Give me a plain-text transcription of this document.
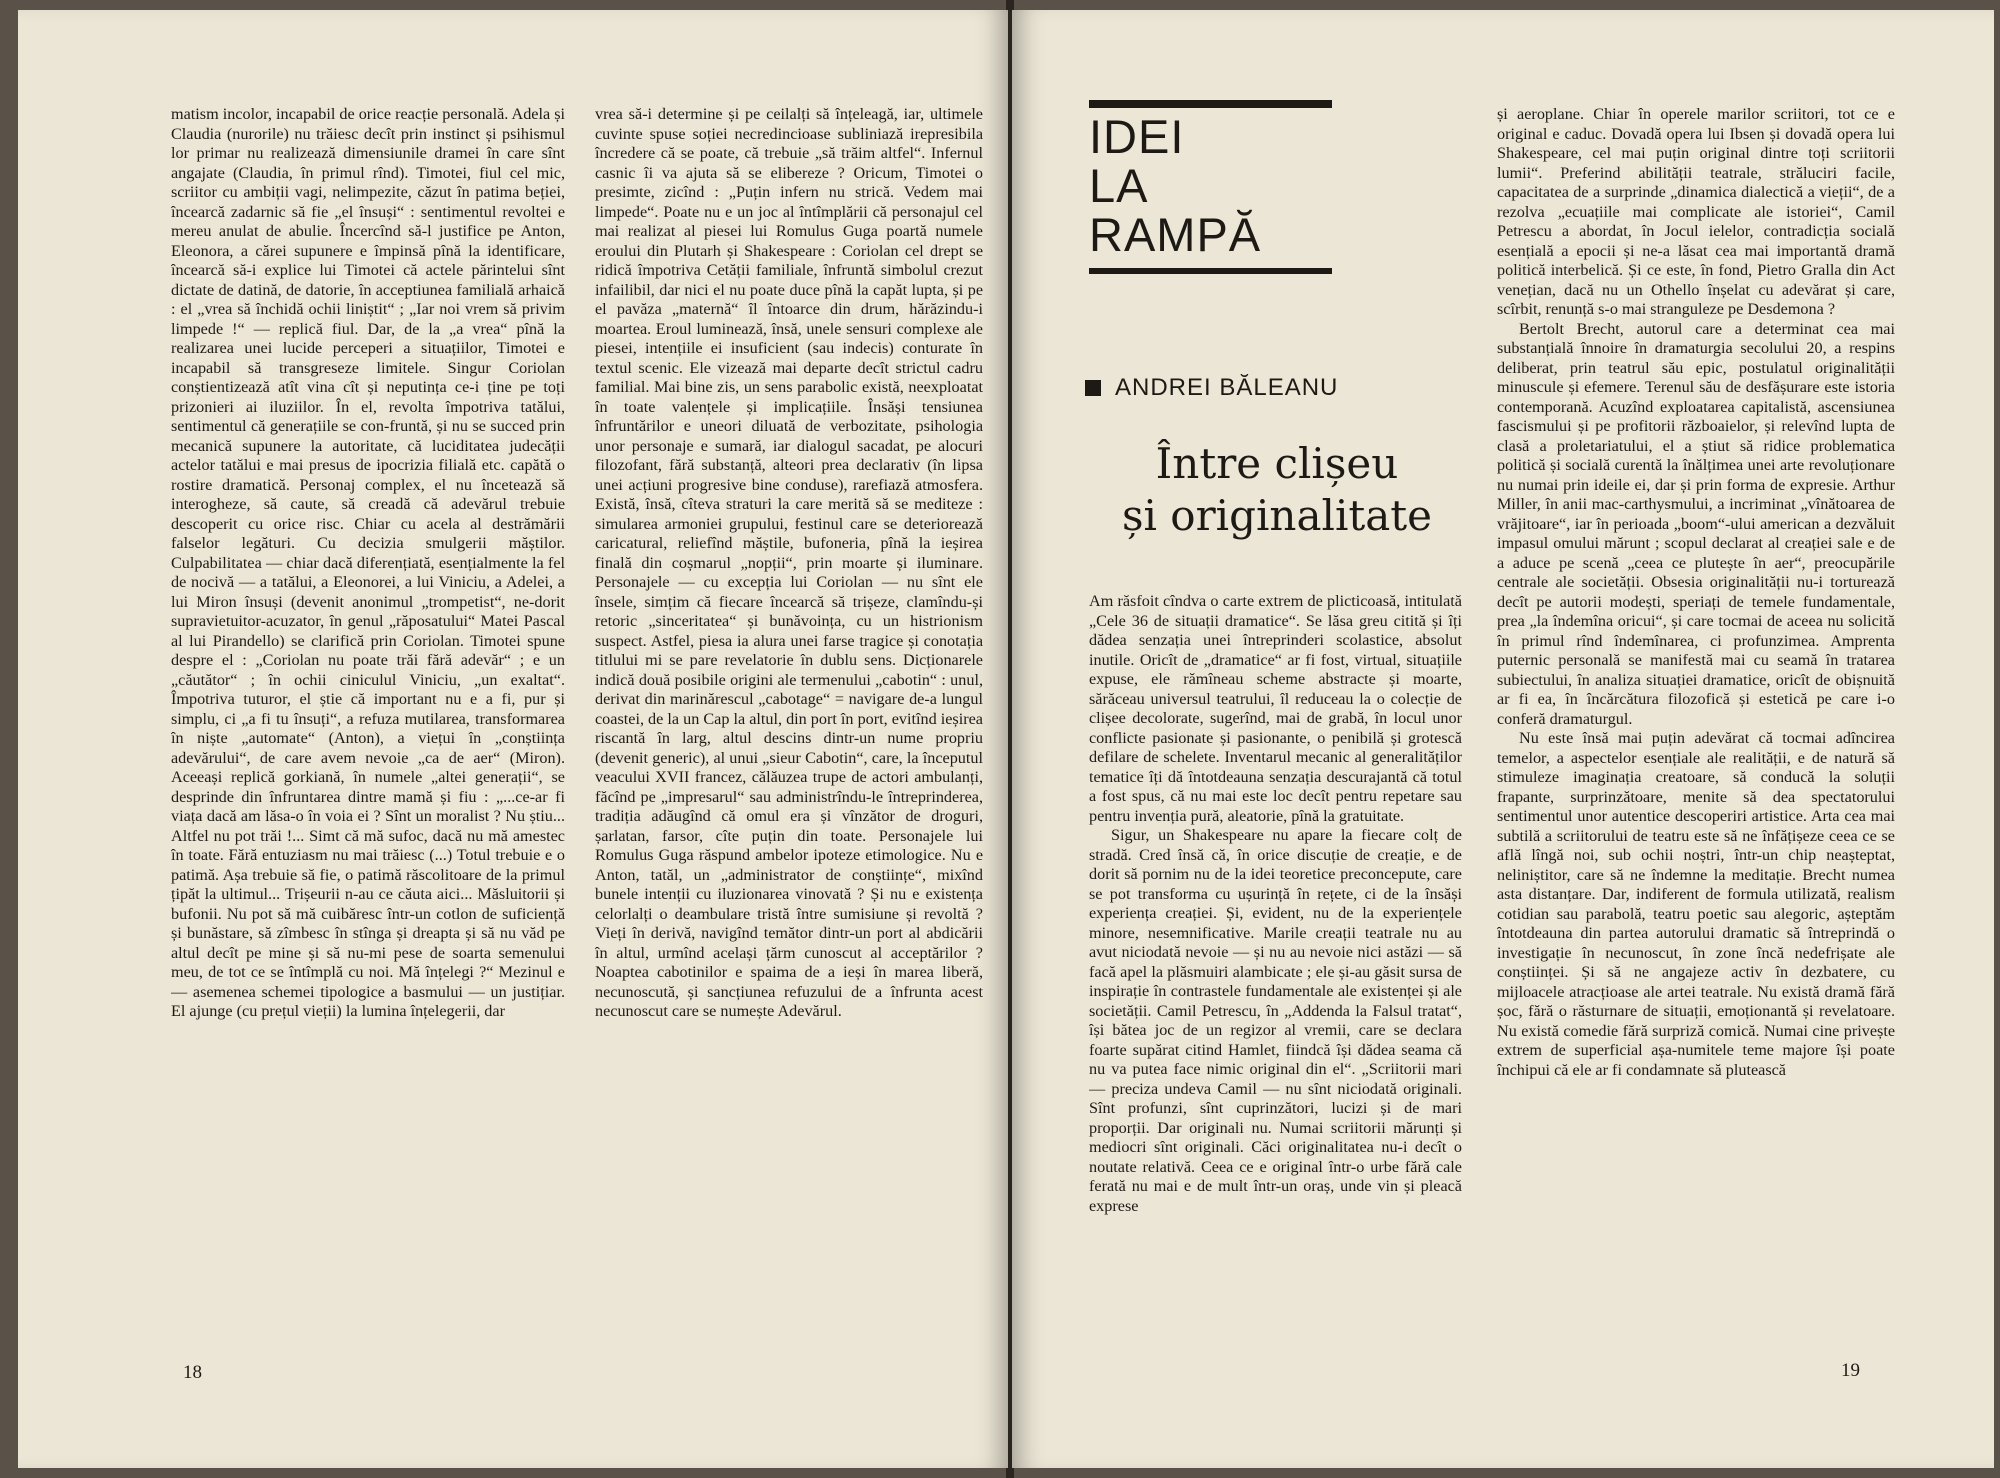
matism incolor, incapabil de orice reacție personală. Adela și Claudia (nurorile) nu trăiesc decît prin instinct și psihismul lor primar nu realizează dimensiunile dramei în care sînt angajate (Claudia, în primul rînd). Timotei, fiul cel mic, scriitor cu ambiții vagi, nelimpezite, căzut în patima beției, încearcă zadarnic să fie „el însuși“ : sentimentul revoltei e mereu anulat de abulie. Încercînd să-l justifice pe Anton, Eleonora, a cărei supunere e împinsă pînă la identificare, încearcă să-i explice lui Timotei că actele părintelui sînt dictate de datină, de datorie, în acceptiunea familială arhaică : el „vrea să închidă ochii liniștit“ ; „Iar noi vrem să privim limpede !“ — replică fiul. Dar, de la „a vrea“ pînă la realizarea unei lucide perceperi a situațiilor, Timotei e incapabil să transgreseze limitele. Singur Coriolan conștientizează atît vina cît și neputința ce-i ține pe toți prizonieri ai iluziilor. În el, revolta împotriva tatălui, sentimentul că generațiile se con-fruntă, și nu se succed prin mecanică supunere la autoritate, că luciditatea judecății actelor tatălui e mai presus de ipocrizia filială etc. capătă o rostire dramatică. Personaj complex, el nu încetează să interogheze, să caute, să creadă că adevărul trebuie descoperit cu orice risc. Chiar cu acela al destrămării falselor legături. Cu decizia smulgerii măștilor. Culpabilitatea — chiar dacă diferențiată, esențialmente la fel de nocivă — a tatălui, a Eleonorei, a lui Viniciu, a Adelei, a lui Miron însuși (devenit anonimul „trompetist“, ne-dorit supravietuitor-acuzator, în genul „răposatului“ Matei Pascal al lui Pirandello) se clarifică prin Coriolan. Timotei spune despre el : „Coriolan nu poate trăi fără adevăr“ ; e un „căutător“ ; în ochii ciniculul Viniciu, „un exaltat“. Împotriva tuturor, el știe că important nu e a fi, pur și simplu, ci „a fi tu însuți“, a refuza mutilarea, transformarea în niște „automate“ (Anton), a viețui în „conștiința adevărului“, de care avem nevoie „ca de aer“ (Miron). Aceeași replică gorkiană, în numele „altei generații“, se desprinde din înfruntarea dintre mamă și fiu : „...ce-ar fi viața dacă am lăsa-o în voia ei ? Sînt un moralist ? Nu știu... Altfel nu pot trăi !... Simt că mă sufoc, dacă nu mă amestec în toate. Fără entuziasm nu mai trăiesc (...) Totul trebuie e o patimă. Așa trebuie să fie, o patimă răscolitoare de la primul țipăt la ultimul... Trișeurii n-au ce căuta aici... Măsluitorii și bufonii. Nu pot să mă cuibăresc într-un cotlon de suficiență și bunăstare, să zîmbesc în stînga și dreapta și să nu văd pe altul decît pe mine și să nu-mi pese de soarta semenului meu, de tot ce se întîmplă cu noi. Mă înțelegi ?“ Mezinul e — asemenea schemei tipologice a basmului — un justițiar. El ajunge (cu prețul vieții) la lumina înțelegerii, dar

vrea să-i determine și pe ceilalți să înțeleagă, iar, ultimele cuvinte spuse soției necredincioase subliniază irepresibila încredere că se poate, că trebuie „să trăim altfel“. Infernul casnic îi va ajuta să se elibereze ? Oricum, Timotei o presimte, zicînd : „Puțin infern nu strică. Vedem mai limpede“. Poate nu e un joc al întîmplării că personajul cel mai realizat al piesei lui Romulus Guga poartă numele eroului din Plutarh și Shakespeare : Coriolan cel drept se ridică împotriva Cetății familiale, înfruntă simbolul crezut infailibil, dar nici el nu poate duce pînă la capăt lupta, și pe el pavăza „maternă“ îl întoarce din drum, hărăzindu-i moartea. Eroul luminează, însă, unele sensuri complexe ale piesei, intențiile ei insuficient (sau indecis) conturate în textul scenic. Ele vizează mai departe decît strictul cadru familial. Mai bine zis, un sens parabolic există, neexploatat în toate valențele și implicațiile. Însăși tensiunea înfruntărilor e uneori diluată de verbozitate, psihologia unor personaje e sumară, iar dialogul sacadat, pe alocuri filozofant, fără substanță, alteori prea declarativ (în lipsa unei acțiuni progresive bine conduse), rarefiază atmosfera. Există, însă, cîteva straturi la care merită să se mediteze : simularea armoniei grupului, festinul care se deteriorează caricatural, reliefînd măștile, bufoneria, pînă la ieșirea finală din coșmarul „nopții“, prin moarte și iluminare. Personajele — cu excepția lui Coriolan — nu sînt ele însele, simțim că fiecare încearcă să trișeze, clamîndu-și retoric „sinceritatea“ și bunăvoința, cu un histrionism suspect. Astfel, piesa ia alura unei farse tragice și conotația titlului mi se pare revelatorie în dublu sens. Dicționarele indică două posibile origini ale termenului „cabotin“ : unul, derivat din marinărescul „cabotage“ = navigare de-a lungul coastei, de la un Cap la altul, din port în port, evitînd ieșirea riscantă în larg, altul descins dintr-un nume propriu (devenit generic), al unui „sieur Cabotin“, care, la începutul veacului XVII francez, călăuzea trupe de actori ambulanți, făcînd pe „impresarul“ sau administrîndu-le întreprinderea, tradiția adăugînd că omul era și vînzător de droguri, șarlatan, farsor, cîte puțin din toate. Personajele lui Romulus Guga răspund ambelor ipoteze etimologice. Nu e Anton, tatăl, un „administrator de conștiințe“, mixînd bunele intenții cu iluzionarea vinovată ? Și nu e existența celorlalți o deambulare tristă între sumisiune și revoltă ? Vieți în derivă, navigînd temător dintr-un port al abdicării în altul, urmînd același țărm cunoscut al acceptărilor ? Noaptea cabotinilor e spaima de a ieși în marea liberă, necunoscută, și sancțiunea refuzului de a înfrunta acest necunoscut care se numește Adevărul.

18
IDEI
LA
RAMPĂ
ANDREI BĂLEANU
Între clișeu
și originalitate

Am răsfoit cîndva o carte extrem de plicticoasă, intitulată „Cele 36 de situații dramatice“. Se lăsa greu citită și îți dădea senzația unei întreprinderi scolastice, absolut inutile. Oricît de „dramatice“ ar fi fost, virtual, situațiile expuse, ele rămîneau scheme abstracte și moarte, sărăceau universul teatrului, îl reduceau la o colecție de clișee decolorate, sugerînd, mai de grabă, în locul unor conflicte pasionate și pasionante, o penibilă și grotescă defilare de schelete. Inventarul mecanic al generalităților tematice îți dă întotdeauna senzația descurajantă că totul a fost spus, că nu mai este loc decît pentru repetare sau pentru invenția pură, aleatorie, pînă la gratuitate.

Sigur, un Shakespeare nu apare la fiecare colț de stradă. Cred însă că, în orice discuție de creație, e de dorit să pornim nu de la idei teoretice preconcepute, care se pot transforma cu ușurință în rețete, ci de la însăși experiența creației. Și, evident, nu de la experiențele minore, nesemnificative. Marile creații teatrale nu au avut niciodată nevoie — și nu au nevoie nici astăzi — să facă apel la plăsmuiri alambicate ; ele și-au găsit sursa de inspirație în contrastele fundamentale ale existenței și ale societății. Camil Petrescu, în „Addenda la Falsul tratat“, își bătea joc de un regizor al vremii, care se declara foarte supărat citind Hamlet, fiindcă își dădea seama că nu va putea face nimic original din el“. „Scriitorii mari — preciza undeva Camil — nu sînt niciodată originali. Sînt profunzi, sînt cuprinzători, lucizi și de mari proporții. Dar originali nu. Numai scriitorii mărunți și mediocri sînt originali. Căci originalitatea nu-i decît o noutate relativă. Ceea ce e original într-o urbe fără cale ferată nu mai e de mult într-un oraș, unde vin și pleacă exprese

și aeroplane. Chiar în operele marilor scriitori, tot ce e original e caduc. Dovadă opera lui Ibsen și dovadă opera lui Shakespeare, cel mai puțin original dintre toți scriitorii lumii“. Preferind abilității teatrale, străluciri facile, capacitatea de a surprinde „dinamica dialectică a vieții“, de a rezolva „ecuațiile mai complicate ale istoriei“, Camil Petrescu a abordat, în Jocul ielelor, contradicția socială esențială a epocii și ne-a lăsat cea mai importantă dramă politică interbelică. Și ce este, în fond, Pietro Gralla din Act venețian, dacă nu un Othello înșelat cu adevărat și care, scîrbit, renunță s-o mai stranguleze pe Desdemona ?

Bertolt Brecht, autorul care a determinat cea mai substanțială înnoire în dramaturgia secolului 20, a respins deliberat, prin teatrul său epic, postulatul originalității minuscule și efemere. Terenul său de desfășurare este istoria contemporană. Acuzînd exploatarea capitalistă, ascensiunea fascismului și pe profitorii războaielor, și relevînd lupta de clasă a proletariatului, el a știut să ridice problematica politică și socială curentă la înălțimea unei arte revoluționare nu numai prin ideile ei, dar și prin forma de expresie. Arthur Miller, în anii mac-carthysmului, a incriminat „vînătoarea de vrăjitoare“, iar în perioada „boom“-ului american a dezvăluit impasul omului mărunt ; scopul declarat al creației sale e de a aduce pe scenă „ceea ce plutește în aer“, preocupările centrale ale societății. Obsesia originalității nu-i torturează decît pe autorii modești, speriați de temele fundamentale, prea „la îndemîna oricui“, și care tocmai de aceea nu solicită în primul rînd îndemînarea, ci profunzimea. Amprenta puternic personală se manifestă mai cu seamă în tratarea subiectului, în analiza situației dramatice, oricît de obișnuită ar fi ea, în încărcătura filozofică și estetică pe care i-o conferă dramaturgul.

Nu este însă mai puțin adevărat că tocmai adîncirea temelor, a aspectelor esențiale ale realității, e de natură să stimuleze imaginația creatoare, să conducă la soluții frapante, surprinzătoare, menite să dea spectatorului sentimentul unor autentice descoperiri artistice. Arta cea mai subtilă a scriitorului de teatru este să ne înfățișeze ceea ce se află lîngă noi, sub ochii noștri, într-un chip neașteptat, neliniștitor, care să ne îndemne la meditație. Brecht numea asta distanțare. Dar, indiferent de formula utilizată, realism cotidian sau parabolă, teatru poetic sau alegoric, așteptăm întotdeauna din partea autorului dramatic să întreprindă o investigație în necunoscut, în zone încă nedefrișate ale conștiinței. Și să ne angajeze activ în dezbatere, cu mijloacele atracțioase ale artei teatrale. Nu există dramă fără șoc, fără o răsturnare de situații, emoționantă și revelatoare. Nu există comedie fără surpriză comică. Numai cine privește extrem de superficial așa-numitele teme majore își poate închipui că ele ar fi condamnate să plutească

19
